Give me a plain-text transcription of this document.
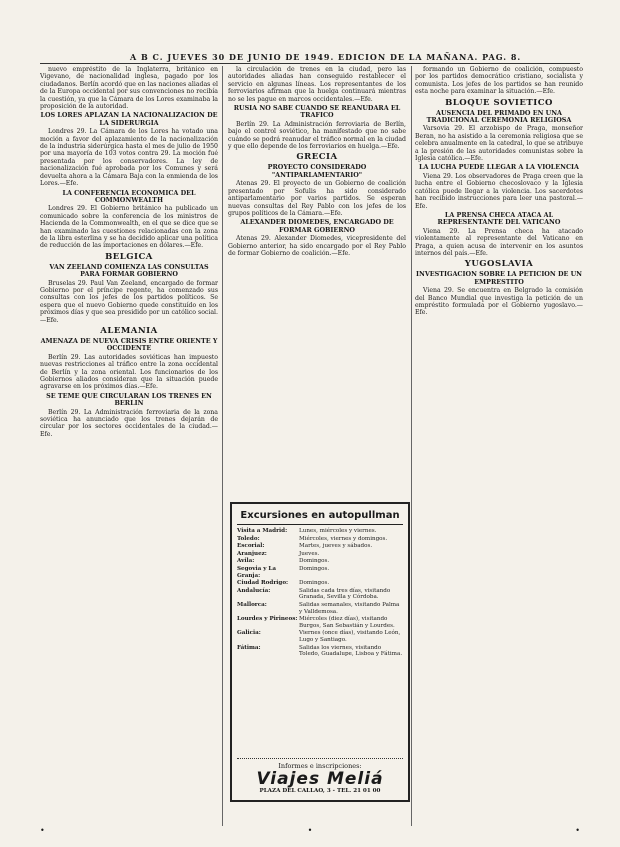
A B C. JUEVES 30 DE JUNIO DE 1949. EDICION DE LA MAÑANA. PAG. 8.

nuevo empréstito de la Inglaterra, británico en Vigevano, de nacionalidad inglesa, pagado por los ciudadanos. Berlín acordó que en las naciones aliadas el de la Europa occidental por sus convenciones no recibía la cuestión, ya que la Cámara de los Lores examinaba la proposición de la autoridad.

LOS LORES APLAZAN LA NACIONALIZACION DE LA SIDERURGIA

Londres 29. La Cámara de los Lores ha votado una moción a favor del aplazamiento de la nacionalización de la industria siderúrgica hasta el mes de julio de 1950 por una mayoría de 103 votos contra 29. La moción fué presentada por los conservadores. La ley de nacionalización fué aprobada por los Comunes y será devuelta ahora a la Cámara Baja con la enmienda de los Lores.—Efe.

LA CONFERENCIA ECONOMICA DEL COMMONWEALTH

Londres 29. El Gobierno británico ha publicado un comunicado sobre la conferencia de los ministros de Hacienda de la Commonwealth, en el que se dice que se han examinado las cuestiones relacionadas con la zona de la libra esterlina y se ha decidido aplicar una política de reducción de las importaciones en dólares.—Efe.

BELGICA
VAN ZEELAND COMIENZA LAS CONSULTAS PARA FORMAR GOBIERNO

Bruselas 29. Paul Van Zeeland, encargado de formar Gobierno por el príncipe regente, ha comenzado sus consultas con los jefes de los partidos políticos. Se espera que el nuevo Gobierno quede constituído en los próximos días y que sea presidido por un católico social.—Efe.

ALEMANIA
AMENAZA DE NUEVA CRISIS ENTRE ORIENTE Y OCCIDENTE

Berlín 29. Las autoridades soviéticas han impuesto nuevas restricciones al tráfico entre la zona occidental de Berlín y la zona oriental. Los funcionarios de los Gobiernos aliados consideran que la situación puede agravarse en los próximos días.—Efe.

SE TEME QUE CIRCULARAN LOS TRENES EN BERLIN

Berlín 29. La Administración ferroviaria de la zona soviética ha anunciado que los trenes dejarán de circular por los sectores occidentales de la ciudad.—Efe.

la circulación de trenes en la ciudad, pero las autoridades aliadas han conseguido restablecer el servicio en algunas líneas. Los representantes de los ferroviarios afirman que la huelga continuará mientras no se les pague en marcos occidentales.—Efe.

RUSIA NO SABE CUANDO SE REANUDARA EL TRAFICO

Berlín 29. La Administración ferroviaria de Berlín, bajo el control soviético, ha manifestado que no sabe cuándo se podrá reanudar el tráfico normal en la ciudad y que ello depende de los ferroviarios en huelga.—Efe.

GRECIA
PROYECTO CONSIDERADO "ANTIPARLAMENTARIO"

Atenas 29. El proyecto de un Gobierno de coalición presentado por Sofulis ha sido considerado antiparlamentario por varios partidos. Se esperan nuevas consultas del Rey Pablo con los jefes de los grupos políticos de la Cámara.—Efe.

ALEXANDER DIOMEDES, ENCARGADO DE FORMAR GOBIERNO

Atenas 29. Alexander Diomedes, vicepresidente del Gobierno anterior, ha sido encargado por el Rey Pablo de formar Gobierno de coalición.—Efe.

Excursiones en autopullman
Visita a Madrid:	Lunes, miércoles y viernes.
Toledo:	Miércoles, viernes y domingos.
Escorial:	Martes, jueves y sábados.
Aranjuez:	Jueves.
Avila:	Domingos.
Segovia y La Granja:
Domingos.
Ciudad Rodrigo:	Domingos.
Andalucía:	Salidas cada tres días, visitando Granada, Sevilla y Córdoba.
Mallorca:	Salidas semanales, visitando Palma y Valldemosa.
Lourdes y Pirineos: Miércoles (diez días), visitando Burgos, San Sebastián y Lourdes.
Galicia:	Viernes (once días), visitando León, Lugo y Santiago.
Fátima:	Salidas los viernes, visitando Toledo, Guadalupe, Lisboa y Fátima.
Informes e inscripciones:
Viajes Meliá
PLAZA DEL CALLAO, 3 - TEL. 21 01 00

formando un Gobierno de coalición, compuesto por los partidos democrático cristiano, socialista y comunista. Los jefes de los partidos se han reunido esta noche para examinar la situación.—Efe.

BLOQUE SOVIETICO
AUSENCIA DEL PRIMADO EN UNA TRADICIONAL CEREMONIA RELIGIOSA

Varsovia 29. El arzobispo de Praga, monseñor Beran, no ha asistido a la ceremonia religiosa que se celebra anualmente en la catedral, lo que se atribuye a la presión de las autoridades comunistas sobre la Iglesia católica.—Efe.

LA LUCHA PUEDE LLEGAR A LA VIOLENCIA

Viena 29. Los observadores de Praga creen que la lucha entre el Gobierno checoslovaco y la Iglesia católica puede llegar a la violencia. Los sacerdotes han recibido instrucciones para leer una pastoral.—Efe.

LA PRENSA CHECA ATACA AL REPRESENTANTE DEL VATICANO

Viena 29. La Prensa checa ha atacado violentamente al representante del Vaticano en Praga, a quien acusa de intervenir en los asuntos internos del país.—Efe.

YUGOSLAVIA
INVESTIGACION SOBRE LA PETICION DE UN EMPRESTITO

Viena 29. Se encuentra en Belgrado la comisión del Banco Mundial que investiga la petición de un empréstito formulada por el Gobierno yugoslavo.—Efe.

•	•	•
